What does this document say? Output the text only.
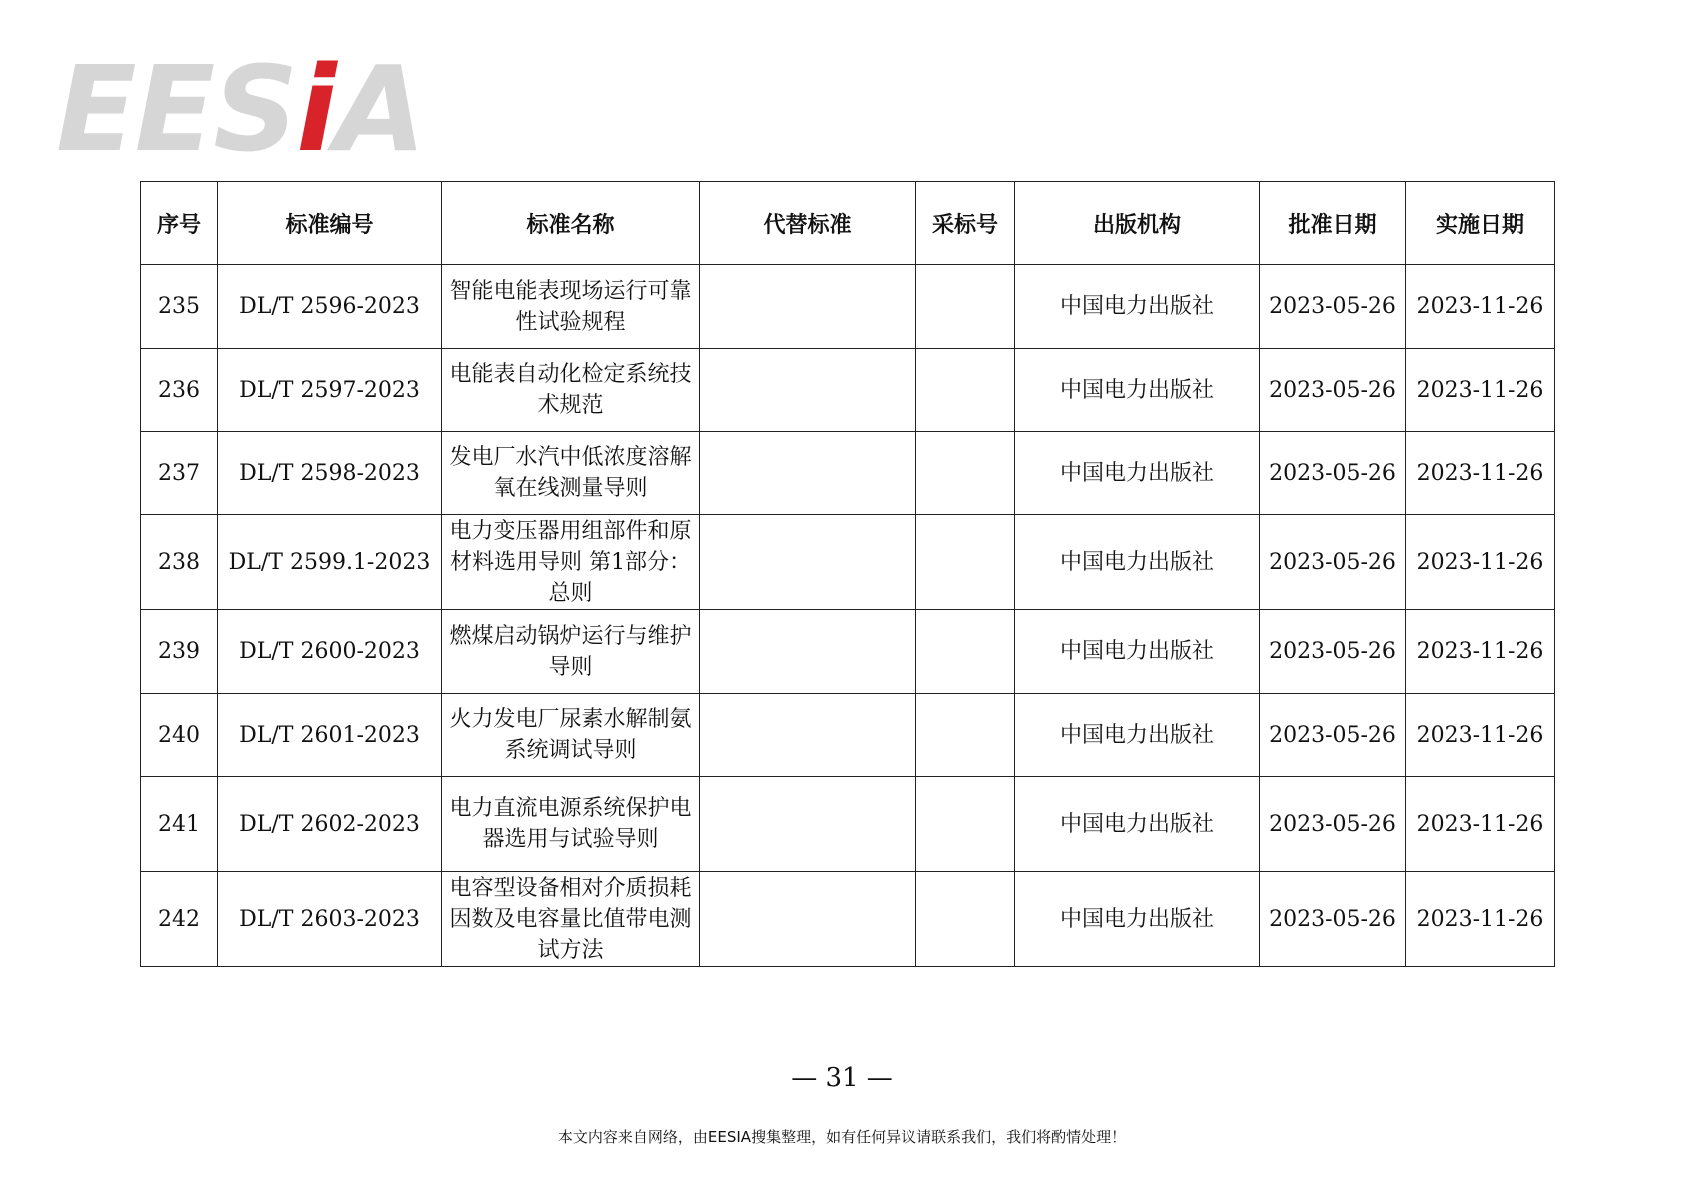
EESiA
序号	标准编号	标准名称	代替标准	采标号	出版机构	批准日期	实施日期
235	DL/T 2596-2023	智能电能表现场运行可靠性试验规程			中国电力出版社	2023-05-26	2023-11-26
236	DL/T 2597-2023	电能表自动化检定系统技术规范			中国电力出版社	2023-05-26	2023-11-26
237	DL/T 2598-2023	发电厂水汽中低浓度溶解氧在线测量导则			中国电力出版社	2023-05-26	2023-11-26
238	DL/T 2599.1-2023	电力变压器用组部件和原材料选用导则 第1部分：总则			中国电力出版社	2023-05-26	2023-11-26
239	DL/T 2600-2023	燃煤启动锅炉运行与维护导则			中国电力出版社	2023-05-26	2023-11-26
240	DL/T 2601-2023	火力发电厂尿素水解制氨系统调试导则			中国电力出版社	2023-05-26	2023-11-26
241	DL/T 2602-2023	电力直流电源系统保护电器选用与试验导则			中国电力出版社	2023-05-26	2023-11-26
242	DL/T 2603-2023	电容型设备相对介质损耗因数及电容量比值带电测试方法			中国电力出版社	2023-05-26	2023-11-26
— 31 —
本文内容来自网络，由EESIA搜集整理，如有任何异议请联系我们，我们将酌情处理！
